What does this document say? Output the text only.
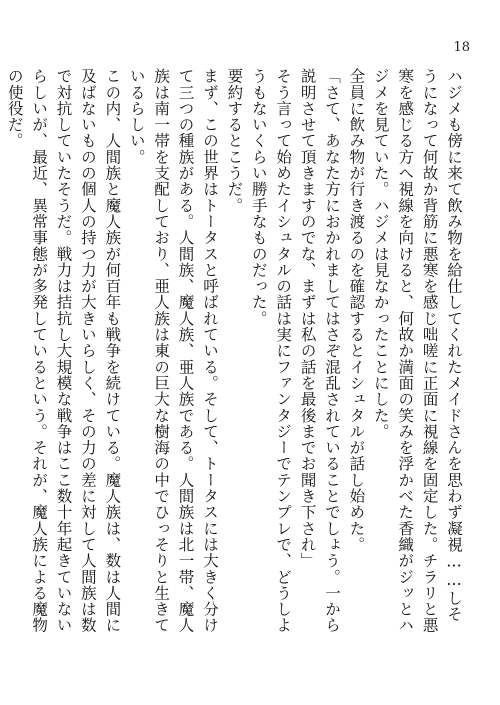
18

ハジメも傍に来て飲み物を給仕してくれたメイドさんを思わず凝視……しそうになって何故か背筋に悪寒を感じ咄嗟に正面に視線を固定した。チラリと悪寒を感じる方へ視線を向けると、何故か満面の笑みを浮かべた香織がジッとハジメを見ていた。ハジメは見なかったことにした。

全員に飲み物が行き渡るのを確認するとイシュタルが話し始めた。

「さて、あなた方におかれましてはさぞ混乱されていることでしょう。一から説明させて頂きますのでな、まずは私の話を最後までお聞き下され」

そう言って始めたイシュタルの話は実にファンタジーでテンプレで、どうしようもないくらい勝手なものだった。

要約するとこうだ。

まず、この世界はトータスと呼ばれている。そして、トータスには大きく分けて三つの種族がある。人間族、魔人族、亜人族である。人間族は北一帯、魔人族は南一帯を支配しており、亜人族は東の巨大な樹海の中でひっそりと生きているらしい。

この内、人間族と魔人族が何百年も戦争を続けている。魔人族は、数は人間に及ばないものの個人の持つ力が大きいらしく、その力の差に対して人間族は数で対抗していたそうだ。戦力は拮抗し大規模な戦争はここ数十年起きていないらしいが、最近、異常事態が多発しているという。それが、魔人族による魔物の使役だ。
